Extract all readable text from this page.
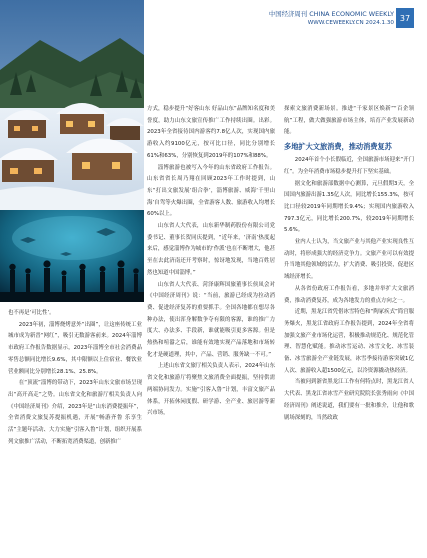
中国经济周刊 CHINA ECONOMIC WEEKLY
WWW.CEWEEKLY.CN 2024.1.30
37

也不再是‘可比性’。

2023年初，淄博烧烤意外“出圈”，让这座传统工业城市成为新晋“网红”，吸引无数游客前来。2024年淄博市政府工作报告数据显示，2023年淄博全市社会消费品零售总额同比增长9.6%，其中限额以上住宿业、餐饮业营业额同比分别增长28.1%、25.8%。

在“顶流”淄博的带动下，2023年山东文旅市场呈现出“高开高走”之势。山东省文化和旅游厅相关负责人向《中国经济周刊》介绍，2023年是“山东消费提振年”，全省消费文旅复苏提振机遇，开展“畅游齐鲁 乐享生活”主题年活动、大力实施“引客入鲁”计划，组织开展系列文旅推广活动，不断拓宽消费渠道，创新推广

方式，稳步提升“好客山东 好品山东”品牌知名度和美誉度，助力山东文旅宣传推广工作持续出圈。出彩。2023年全省接待国内游客约7.8亿人次，实现国内旅游收入约9100亿元，按可比口径，同比分别增长61%和63%，分别恢复到2019年的107%和88%。

淄博旅游也被写入今年的山东省政府工作报告。山东省省长周乃翔在回顾2023年工作时提到，山东“打出文旅发展‘组合拳’，淄博旅游、威海‘千里山海’自驾等火爆出圈，全省游客人数、旅游收入均增长60%以上。

山东省人大代表，山东新华制药股份有限公司党委书记、董事长贺同庆提到，“近年来，‘济南’热度起来后，感觉淄博作为城市的‘作派’也在不断增大，他甚至在去此济南还开考察时，惊讶地发现，当地百姓居然也知道中国淄博。”

山东省人大代表、菏泽康辉国旅董事长侯凤会对《中国经济周刊》说：“当前，旅游已经成为拉动消费、促进经济复苏的重要抓手。全国各地都在想尽各种办法，使出浑身解数争夺有限的客源，谁的推广力度大、办法多、手段新，谁就能吸引更多客源。但是热热和喧嚣之后，谁能有效地实现产品落地和市场转化才是硬道理，其中，产品、营销、服务缺一不可。”

上述山东省文旅厅相关负责人表示，2024年山东省文化和旅游厅将聚焦文旅消费全面提振，坚持供需两端协同发力。实施“引客入鲁”计划，丰富文旅产品体系，开拓休闲度假、研学游、全产业、旅居游等新兴市场，

探索文旅消费新场景。推进“千家景区焕新”“百企领航”工程，做大做强旅游市场主体，培育产业发展新动能。

多地扩大文旅消费，推动消费复苏

2024年首个小长假临近，全国旅游市场迎来“开门红”。为全年消费市场稳步提升打下坚实基础。

据文化和旅游部数据中心测算，元旦假期3天，全国国内旅游出游1.35亿人次，同比增长155.3%，按可比口径较2019年同期增长9.4%；实现国内旅游收入797.3亿元，同比增长200.7%，较2019年同期增长5.6%。

业内人士认为，当文旅产业与其他产业实现良性互动时，将形成强大的经济竞争力。文旅产业可以有效提升当地其他领域的活力，扩大消费、吸引投资，促进区域经济增长。

从各省份政府工作报告看，多地并举扩大文旅消费，推动消费复苏，成为各地发力的重点方向之一。

近期，黑龙江省凭借冰雪特色和“陶冢疾式”简宫服务爆火，黑龙江省政府工作报告提到，2024年全省将加强文旅产业市场化运营，积极推动规范化、规范化管理、智慧化赋能。推动冰雪运动、冰雪文化、冰雪装备、冰雪旅游全产业链发展，冰雪季接待游客突破1亿人次、旅游收入超1500亿元，以冷资源撬动热经济。

当被问到浙省黑龙江工作有何特点时，黑龙江省人大代表、黑龙江省冰雪产业研究院院长张秀雨向《中国经济周刊》阐述说道，我们要有一批和推介，让他和歌剧场深刻的，当然政政
